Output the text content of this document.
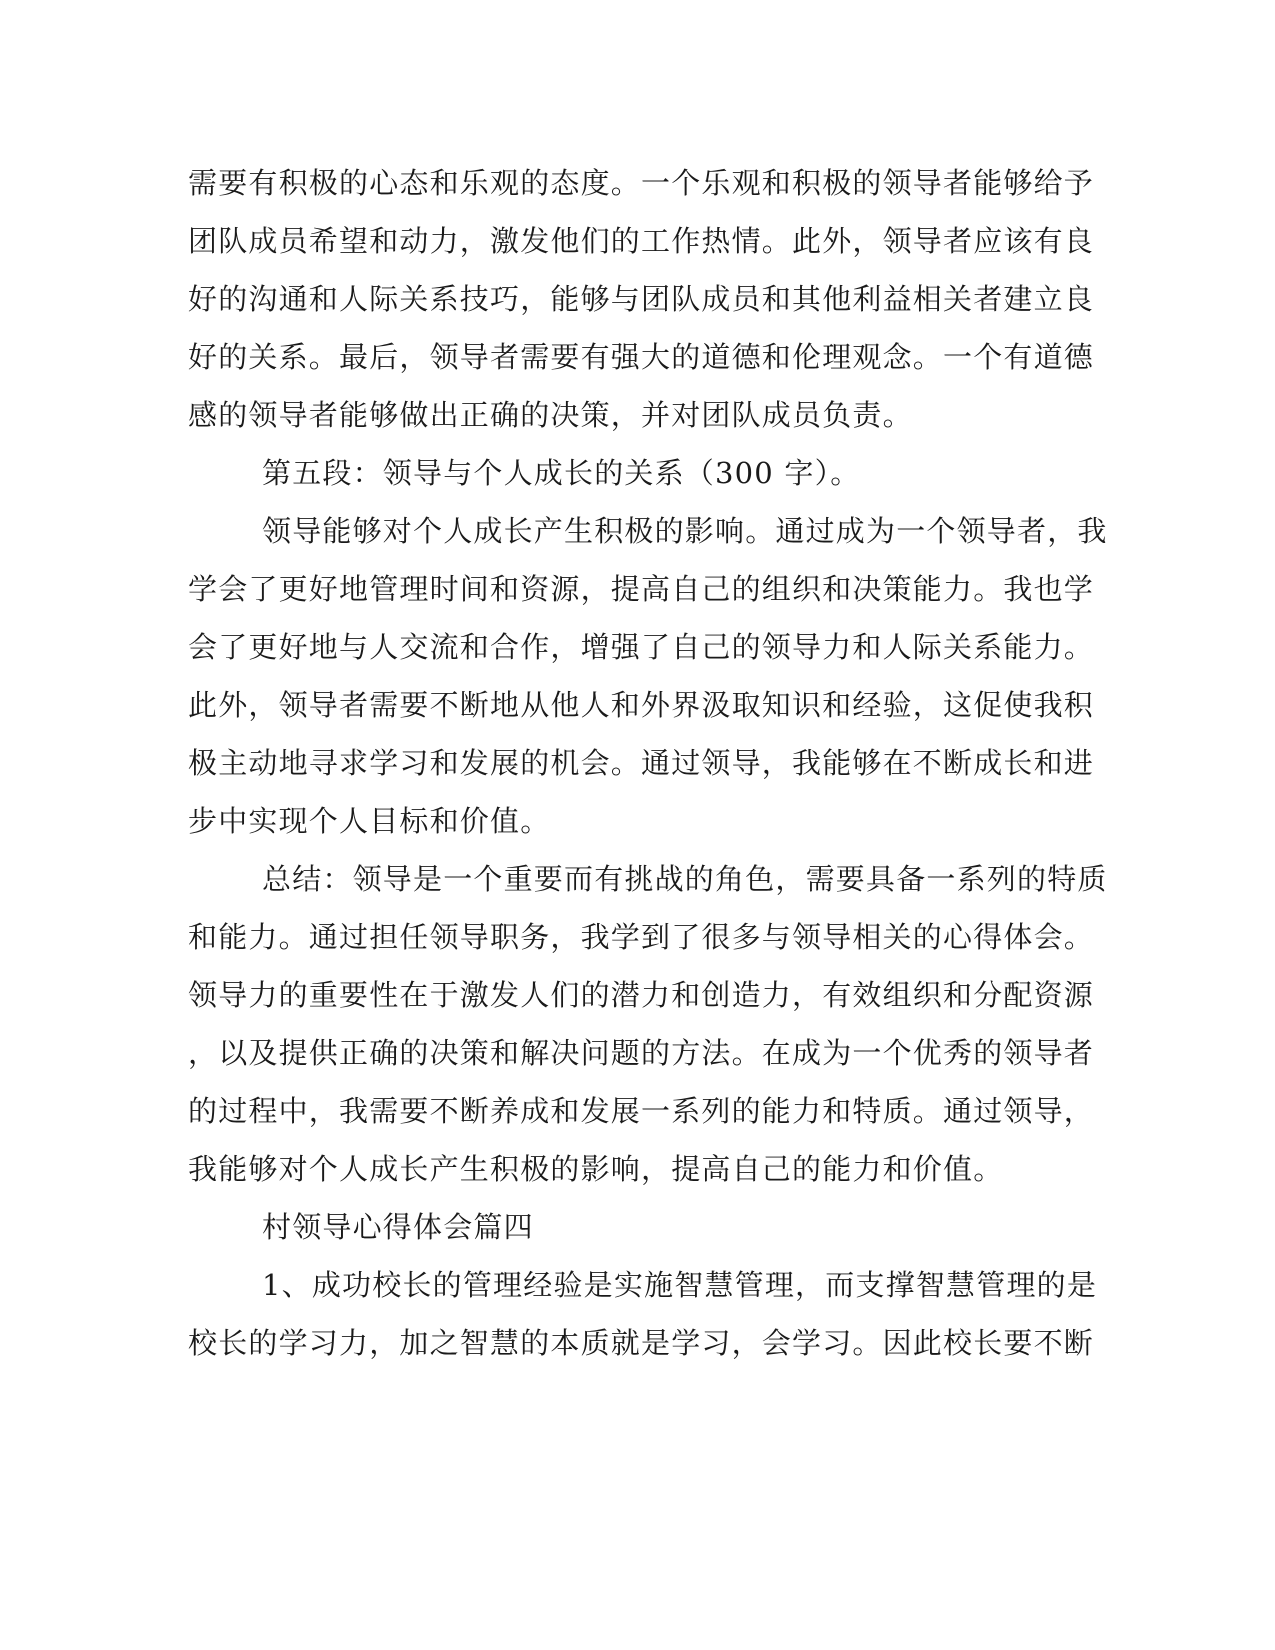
需要有积极的心态和乐观的态度。一个乐观和积极的领导者能够给予
团队成员希望和动力，激发他们的工作热情。此外，领导者应该有良
好的沟通和人际关系技巧，能够与团队成员和其他利益相关者建立良
好的关系。最后，领导者需要有强大的道德和伦理观念。一个有道德
感的领导者能够做出正确的决策，并对团队成员负责。
第五段：领导与个人成长的关系（300 字）。
领导能够对个人成长产生积极的影响。通过成为一个领导者，我
学会了更好地管理时间和资源，提高自己的组织和决策能力。我也学
会了更好地与人交流和合作，增强了自己的领导力和人际关系能力。
此外，领导者需要不断地从他人和外界汲取知识和经验，这促使我积
极主动地寻求学习和发展的机会。通过领导，我能够在不断成长和进
步中实现个人目标和价值。
总结：领导是一个重要而有挑战的角色，需要具备一系列的特质
和能力。通过担任领导职务，我学到了很多与领导相关的心得体会。
领导力的重要性在于激发人们的潜力和创造力，有效组织和分配资源
，以及提供正确的决策和解决问题的方法。在成为一个优秀的领导者
的过程中，我需要不断养成和发展一系列的能力和特质。通过领导，
我能够对个人成长产生积极的影响，提高自己的能力和价值。
村领导心得体会篇四
1、成功校长的管理经验是实施智慧管理，而支撑智慧管理的是
校长的学习力，加之智慧的本质就是学习，会学习。因此校长要不断
